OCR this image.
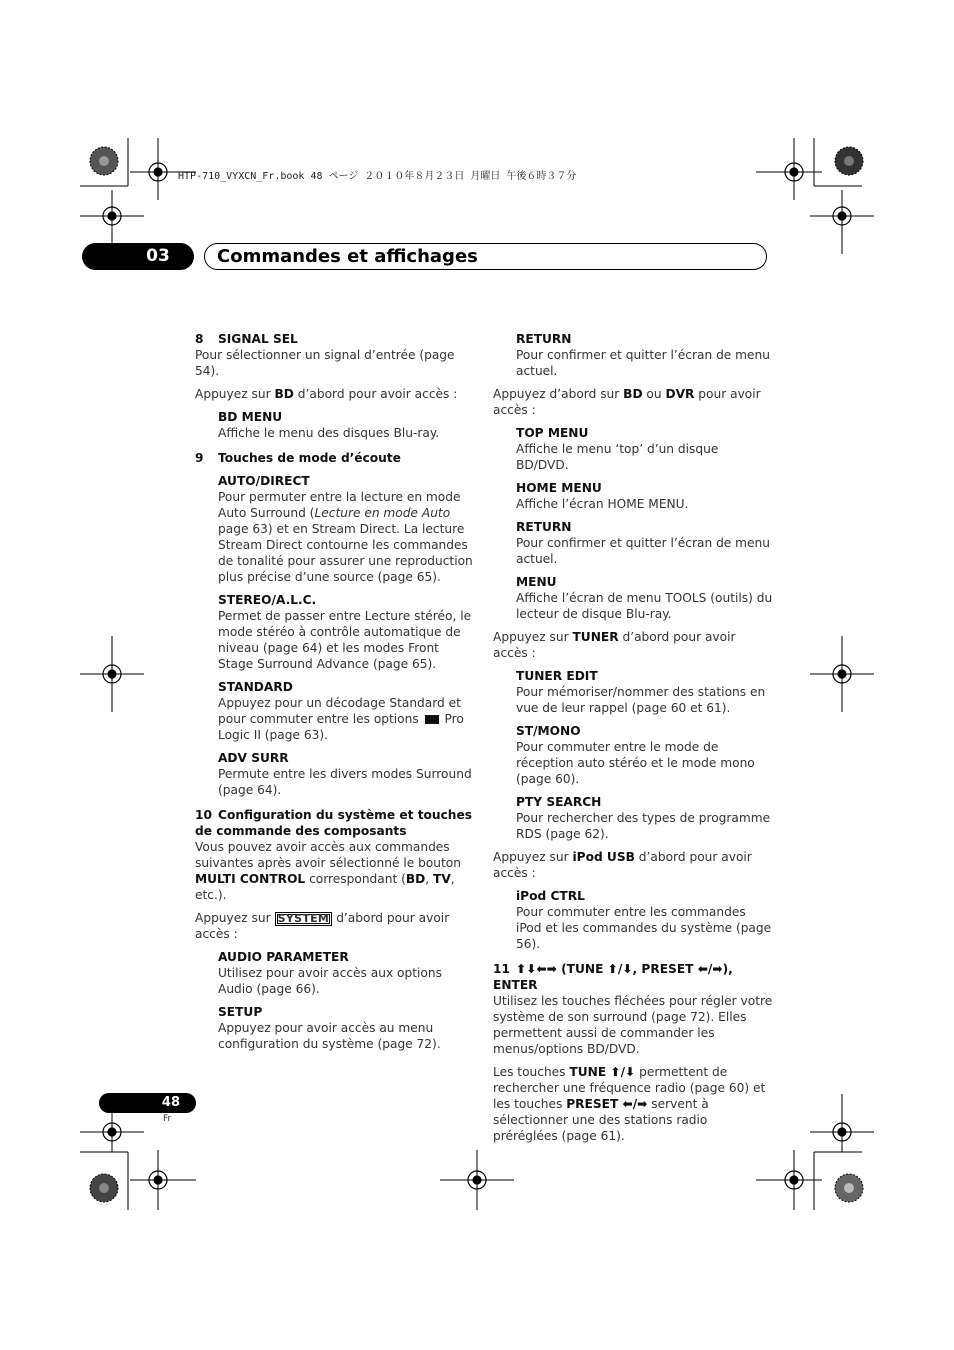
HTP-710_VYXCN_Fr.book 48 ページ ２０１０年８月２３日 月曜日 午後６時３７分
03	Commandes et affichages

8 SIGNAL SEL

Pour sélectionner un signal d’entrée (page 54).

Appuyez sur BD d’abord pour avoir accès :

BD MENU

Affiche le menu des disques Blu-ray.

9 Touches de mode d’écoute

AUTO/DIRECT

Pour permuter entre la lecture en mode Auto Surround (Lecture en mode Auto page 63) et en Stream Direct. La lecture Stream Direct contourne les commandes de tonalité pour assurer une reproduction plus précise d’une source (page 65).

STEREO/A.L.C.

Permet de passer entre Lecture stéréo, le mode stéréo à contrôle automatique de niveau (page 64) et les modes Front Stage Surround Advance (page 65).

STANDARD

Appuyez pour un décodage Standard et pour commuter entre les options  Pro Logic II (page 63).

ADV SURR

Permute entre les divers modes Surround (page 64).

10 Configuration du système et touches de commande des composants

Vous pouvez avoir accès aux commandes suivantes après avoir sélectionné le bouton MULTI CONTROL correspondant (BD, TV, etc.).

Appuyez sur SYSTEM d’abord pour avoir accès :

AUDIO PARAMETER

Utilisez pour avoir accès aux options Audio (page 66).

SETUP

Appuyez pour avoir accès au menu configuration du système (page 72).

RETURN

Pour confirmer et quitter l’écran de menu actuel.

Appuyez d’abord sur BD ou DVR pour avoir accès :

TOP MENU

Affiche le menu ‘top’ d’un disque BD/DVD.

HOME MENU

Affiche l’écran HOME MENU.

RETURN

Pour confirmer et quitter l’écran de menu actuel.

MENU

Affiche l’écran de menu TOOLS (outils) du lecteur de disque Blu-ray.

Appuyez sur TUNER d’abord pour avoir accès :

TUNER EDIT

Pour mémoriser/nommer des stations en vue de leur rappel (page 60 et 61).

ST/MONO

Pour commuter entre le mode de réception auto stéréo et le mode mono (page 60).

PTY SEARCH

Pour rechercher des types de programme RDS (page 62).

Appuyez sur iPod USB d’abord pour avoir accès :

iPod CTRL

Pour commuter entre les commandes iPod et les commandes du système (page 56).

11 ⬆⬇⬅➡ (TUNE ⬆/⬇, PRESET ⬅/➡),
ENTER

Utilisez les touches fléchées pour régler votre système de son surround (page 72). Elles permettent aussi de commander les menus/options BD/DVD.

Les touches TUNE ⬆/⬇ permettent de rechercher une fréquence radio (page 60) et les touches PRESET ⬅/➡ servent à sélectionner une des stations radio préréglées (page 61).

48
Fr
